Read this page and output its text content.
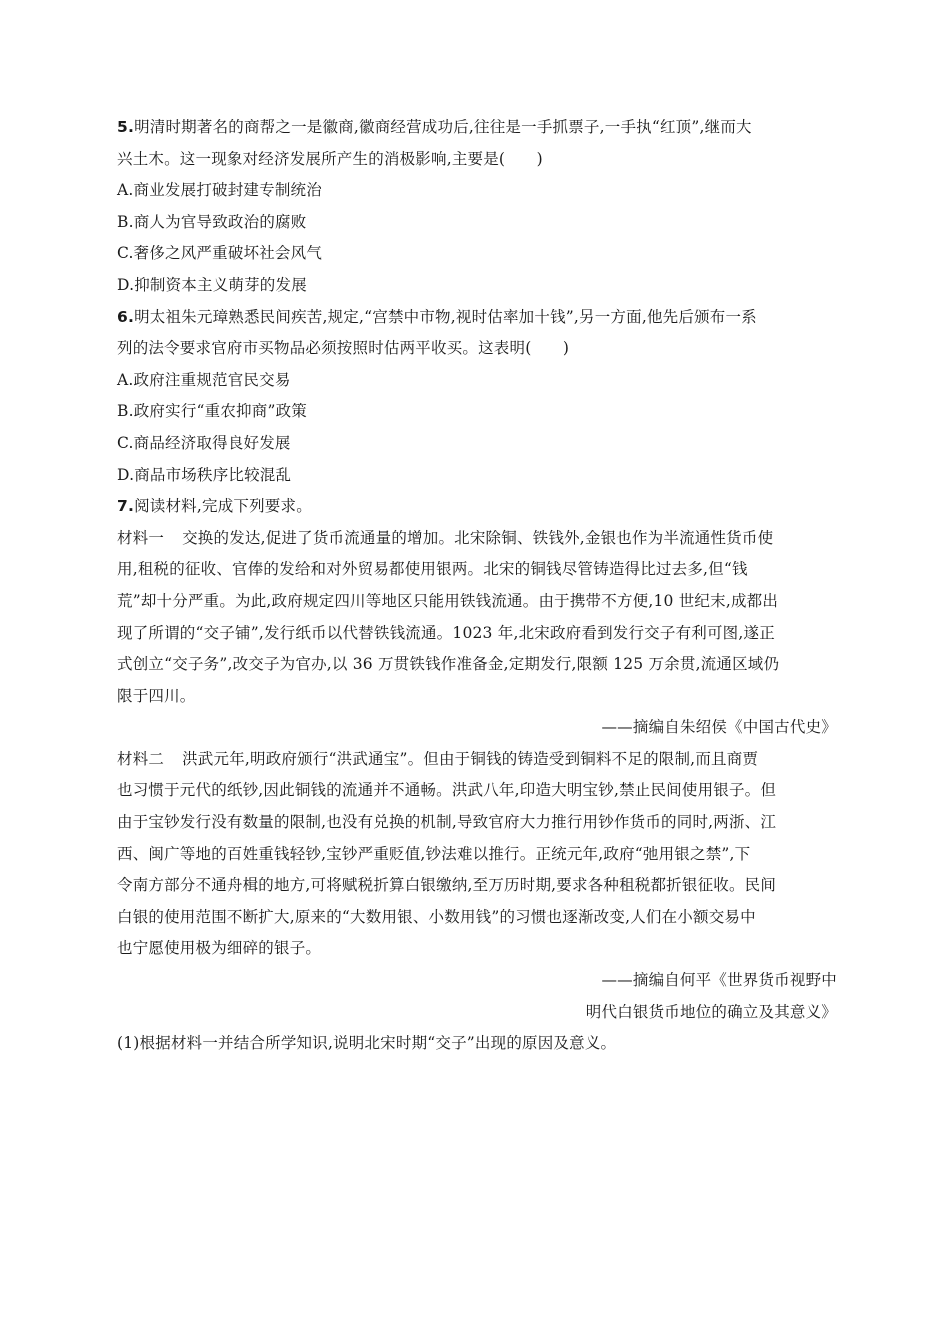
5.明清时期著名的商帮之一是徽商,徽商经营成功后,往往是一手抓票子,一手执“红顶”,继而大
兴土木。这一现象对经济发展所产生的消极影响,主要是(　　)
A.商业发展打破封建专制统治
B.商人为官导致政治的腐败
C.奢侈之风严重破坏社会风气
D.抑制资本主义萌芽的发展
6.明太祖朱元璋熟悉民间疾苦,规定,“宫禁中市物,视时估率加十钱”,另一方面,他先后颁布一系
列的法令要求官府市买物品必须按照时估两平收买。这表明(　　)
A.政府注重规范官民交易
B.政府实行“重农抑商”政策
C.商品经济取得良好发展
D.商品市场秩序比较混乱
7.阅读材料,完成下列要求。
材料一 交换的发达,促进了货币流通量的增加。北宋除铜、铁钱外,金银也作为半流通性货币使
用,租税的征收、官俸的发给和对外贸易都使用银两。北宋的铜钱尽管铸造得比过去多,但“钱
荒”却十分严重。为此,政府规定四川等地区只能用铁钱流通。由于携带不方便,10 世纪末,成都出
现了所谓的“交子铺”,发行纸币以代替铁钱流通。1023 年,北宋政府看到发行交子有利可图,遂正
式创立“交子务”,改交子为官办,以 36 万贯铁钱作准备金,定期发行,限额 125 万余贯,流通区域仍
限于四川。
——摘编自朱绍侯《中国古代史》
材料二 洪武元年,明政府颁行“洪武通宝”。但由于铜钱的铸造受到铜料不足的限制,而且商贾
也习惯于元代的纸钞,因此铜钱的流通并不通畅。洪武八年,印造大明宝钞,禁止民间使用银子。但
由于宝钞发行没有数量的限制,也没有兑换的机制,导致官府大力推行用钞作货币的同时,两浙、江
西、闽广等地的百姓重钱轻钞,宝钞严重贬值,钞法难以推行。正统元年,政府“弛用银之禁”,下
令南方部分不通舟楫的地方,可将赋税折算白银缴纳,至万历时期,要求各种租税都折银征收。民间
白银的使用范围不断扩大,原来的“大数用银、小数用钱”的习惯也逐渐改变,人们在小额交易中
也宁愿使用极为细碎的银子。
——摘编自何平《世界货币视野中
明代白银货币地位的确立及其意义》
(1)根据材料一并结合所学知识,说明北宋时期“交子”出现的原因及意义。
